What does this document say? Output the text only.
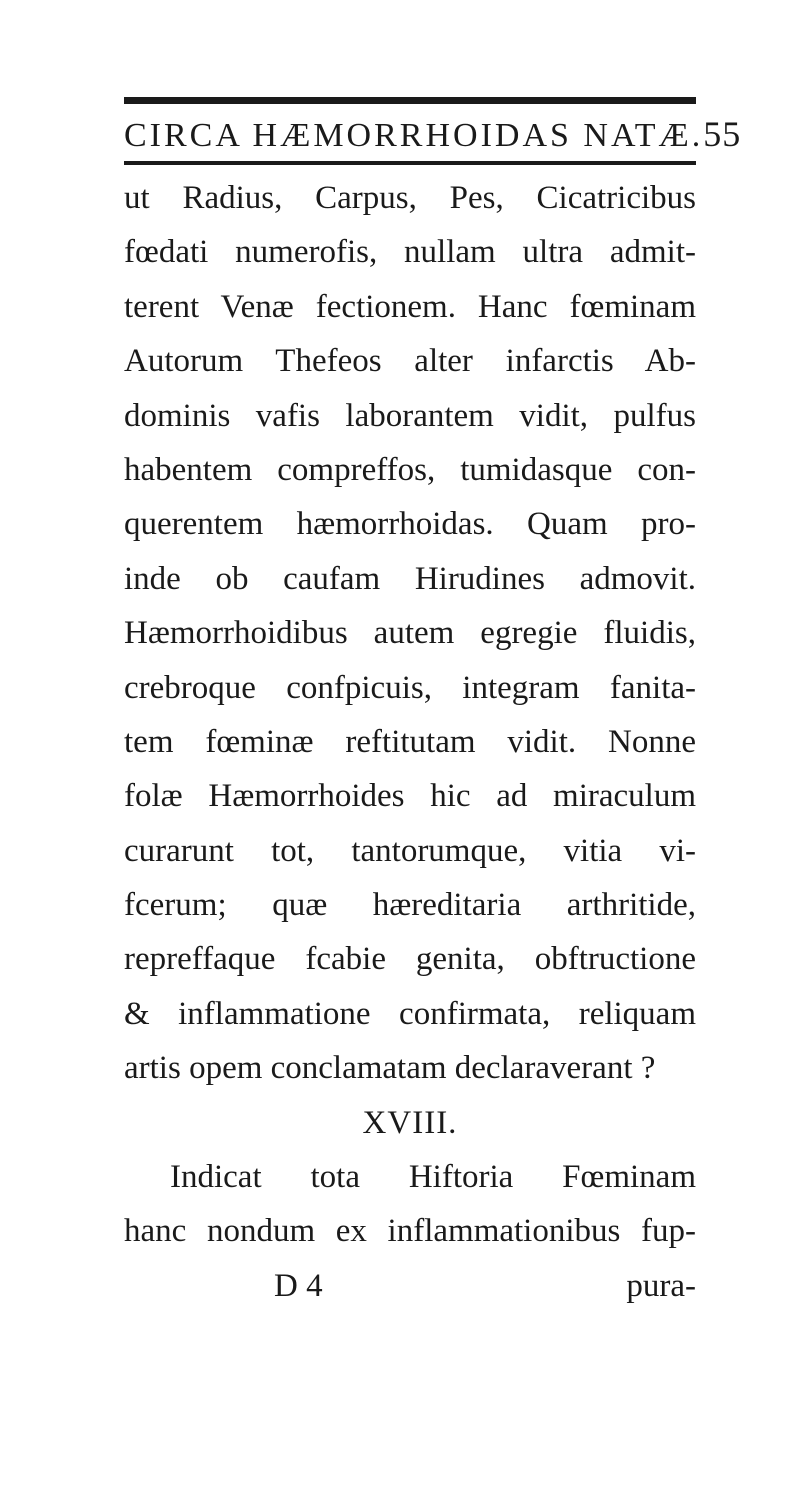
CIRCA HÆMORRHOIDAS NATÆ. 55
ut Radius, Carpus, Pes, Cicatricibus
fœdati numerofis, nullam ultra admit-
terent Venæ fectionem. Hanc fœminam
Autorum Thefeos alter infarctis Ab-
dominis vafis laborantem vidit, pulfus
habentem compreffos, tumidasque con-
querentem hæmorrhoidas. Quam pro-
inde ob caufam Hirudines admovit.
Hæmorrhoidibus autem egregie fluidis,
crebroque confpicuis, integram fanita-
tem fœminæ reftitutam vidit. Nonne
folæ Hæmorrhoides hic ad miraculum
curarunt tot, tantorumque, vitia vi-
fcerum; quæ hæreditaria arthritide,
repreffaque fcabie genita, obftructione
& inflammatione confirmata, reliquam
artis opem conclamatam declaraverant ?
XVIII.
Indicat tota Hiftoria Fœminam
hanc nondum ex inflammationibus fup-
D 4	pura-
